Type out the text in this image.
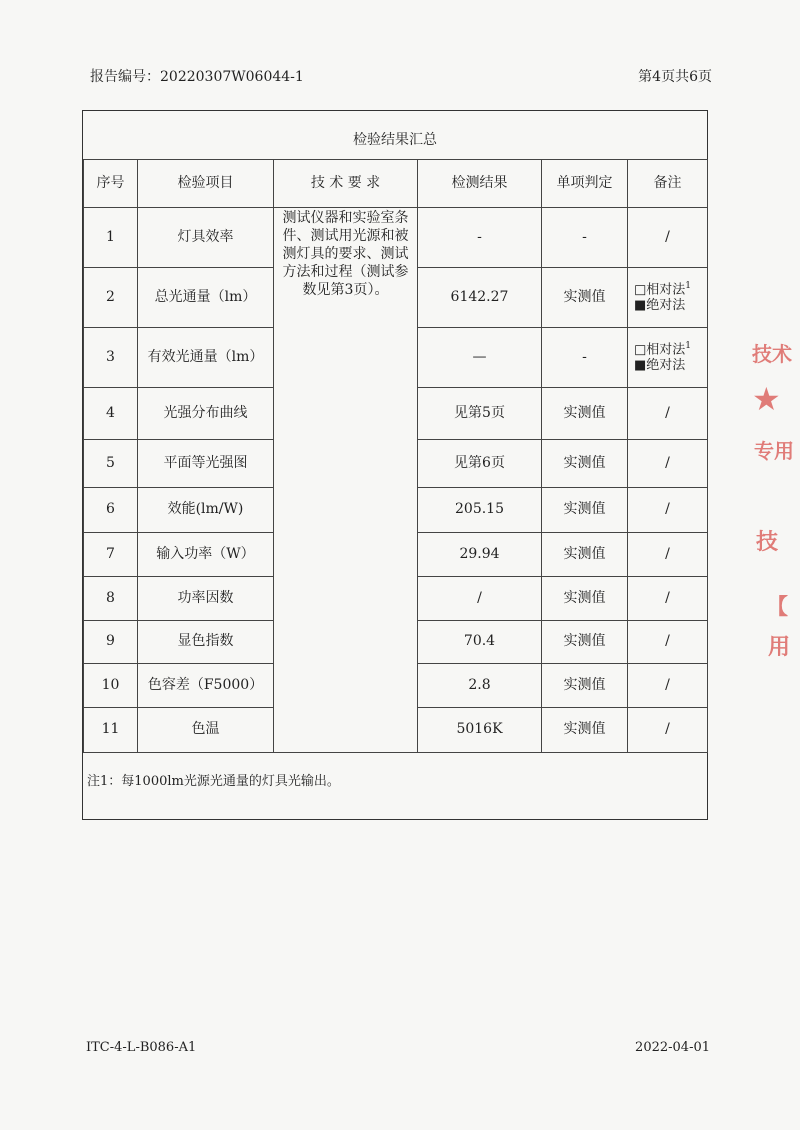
报告编号：20220307W06044-1	第4页共6页
检验结果汇总
序号	检验项目	技 术 要 求	检测结果	单项判定	备注
1	灯具效率	测试仪器和实验室条件、测试用光源和被测灯具的要求、测试方法和过程（测试参数见第3页）。	-	-	/
2	总光通量（lm）		6142.27	实测值	□相对法$^1$
■绝对法

3	有效光通量（lm）		—	-	□相对法$^1$
■绝对法

4	光强分布曲线		见第5页	实测值	/
5	平面等光强图		见第6页	实测值	/
6	效能(lm/W)		205.15	实测值	/
7	输入功率（W）		29.94	实测值	/
8	功率因数		/	实测值	/
9	显色指数		70.4	实测值	/
10	色容差（F5000）		2.8	实测值	/
11	色温		5016K	实测值	/
注1：每1000lm光源光通量的灯具光输出。
ITC-4-L-B086-A1	2022-04-01
技术
★
专用
技
【
用
